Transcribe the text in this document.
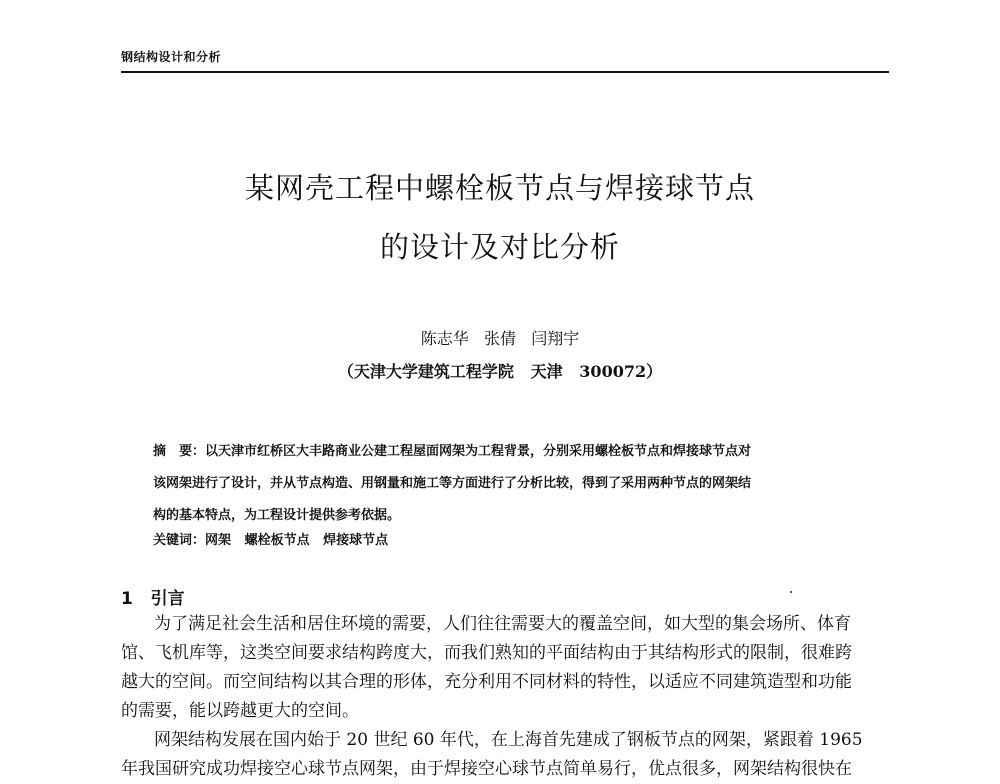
钢结构设计和分析
某网壳工程中螺栓板节点与焊接球节点
的设计及对比分析
陈志华   张倩   闫翔宇
（天津大学建筑工程学院   天津   300072）
摘　要：以天津市红桥区大丰路商业公建工程屋面网架为工程背景，分别采用螺栓板节点和焊接球节点对
该网架进行了设计，并从节点构造、用钢量和施工等方面进行了分析比较，得到了采用两种节点的网架结
构的基本特点，为工程设计提供参考依据。
关键词：网架   螺栓板节点   焊接球节点
1 引言
为了满足社会生活和居住环境的需要，人们往往需要大的覆盖空间，如大型的集会场所、体育
馆、飞机库等，这类空间要求结构跨度大，而我们熟知的平面结构由于其结构形式的限制，很难跨
越大的空间。而空间结构以其合理的形体，充分利用不同材料的特性，以适应不同建筑造型和功能
的需要，能以跨越更大的空间。
网架结构发展在国内始于 20 世纪 60 年代，在上海首先建成了钢板节点的网架，紧跟着 1965
年我国研究成功焊接空心球节点网架，由于焊接空心球节点简单易行，优点很多，网架结构很快在
